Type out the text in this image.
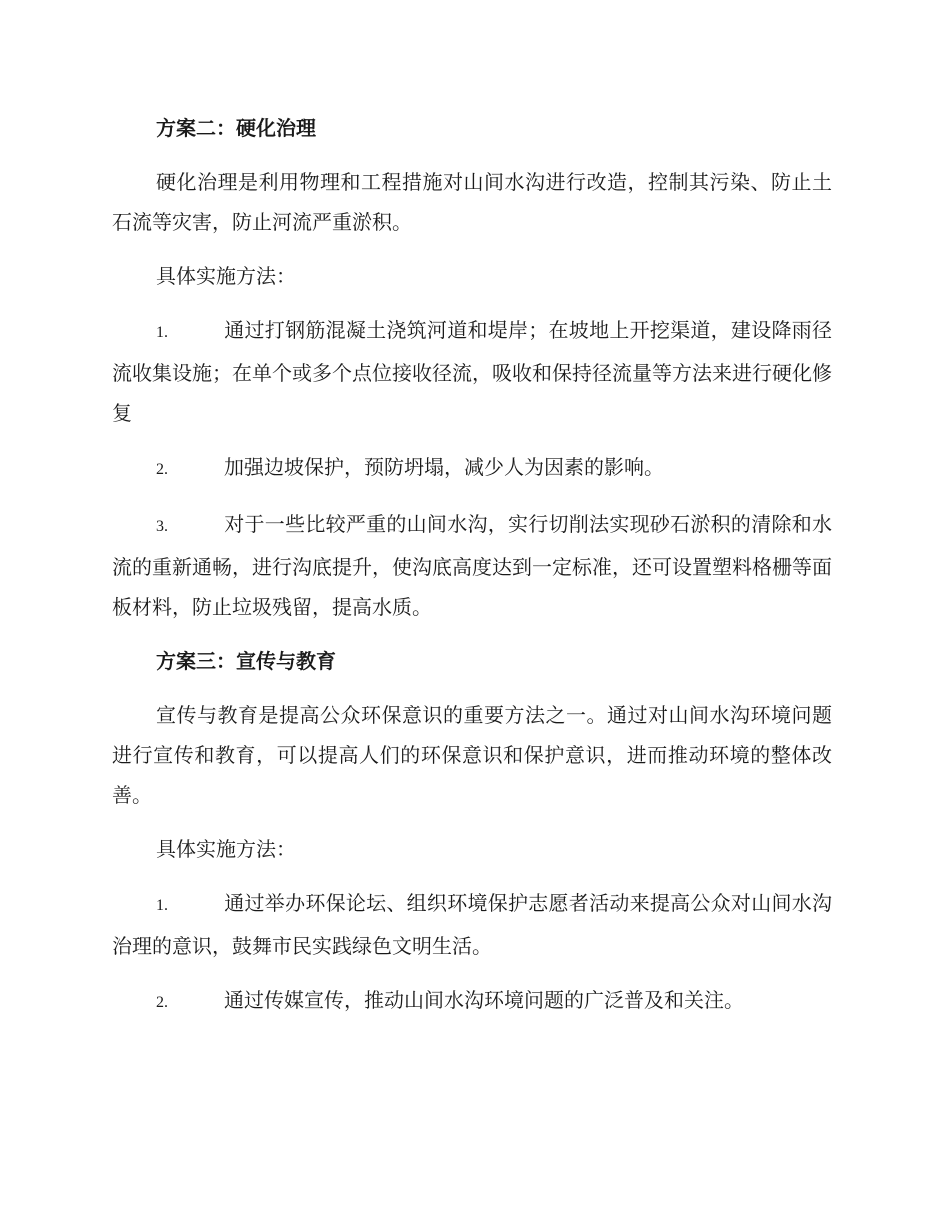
方案二：硬化治理

硬化治理是利用物理和工程措施对山间水沟进行改造，控制其污染、防止土石流等灾害，防止河流严重淤积。

具体实施方法：

1.	通过打钢筋混凝土浇筑河道和堤岸；在坡地上开挖渠道，建设降雨径流收集设施；在单个或多个点位接收径流，吸收和保持径流量等方法来进行硬化修复

2.	加强边坡保护，预防坍塌，减少人为因素的影响。

3.	对于一些比较严重的山间水沟，实行切削法实现砂石淤积的清除和水流的重新通畅，进行沟底提升，使沟底高度达到一定标准，还可设置塑料格栅等面板材料，防止垃圾残留，提高水质。

方案三：宣传与教育

宣传与教育是提高公众环保意识的重要方法之一。通过对山间水沟环境问题进行宣传和教育，可以提高人们的环保意识和保护意识，进而推动环境的整体改善。

具体实施方法：

1.	通过举办环保论坛、组织环境保护志愿者活动来提高公众对山间水沟治理的意识，鼓舞市民实践绿色文明生活。

2.	通过传媒宣传，推动山间水沟环境问题的广泛普及和关注。
